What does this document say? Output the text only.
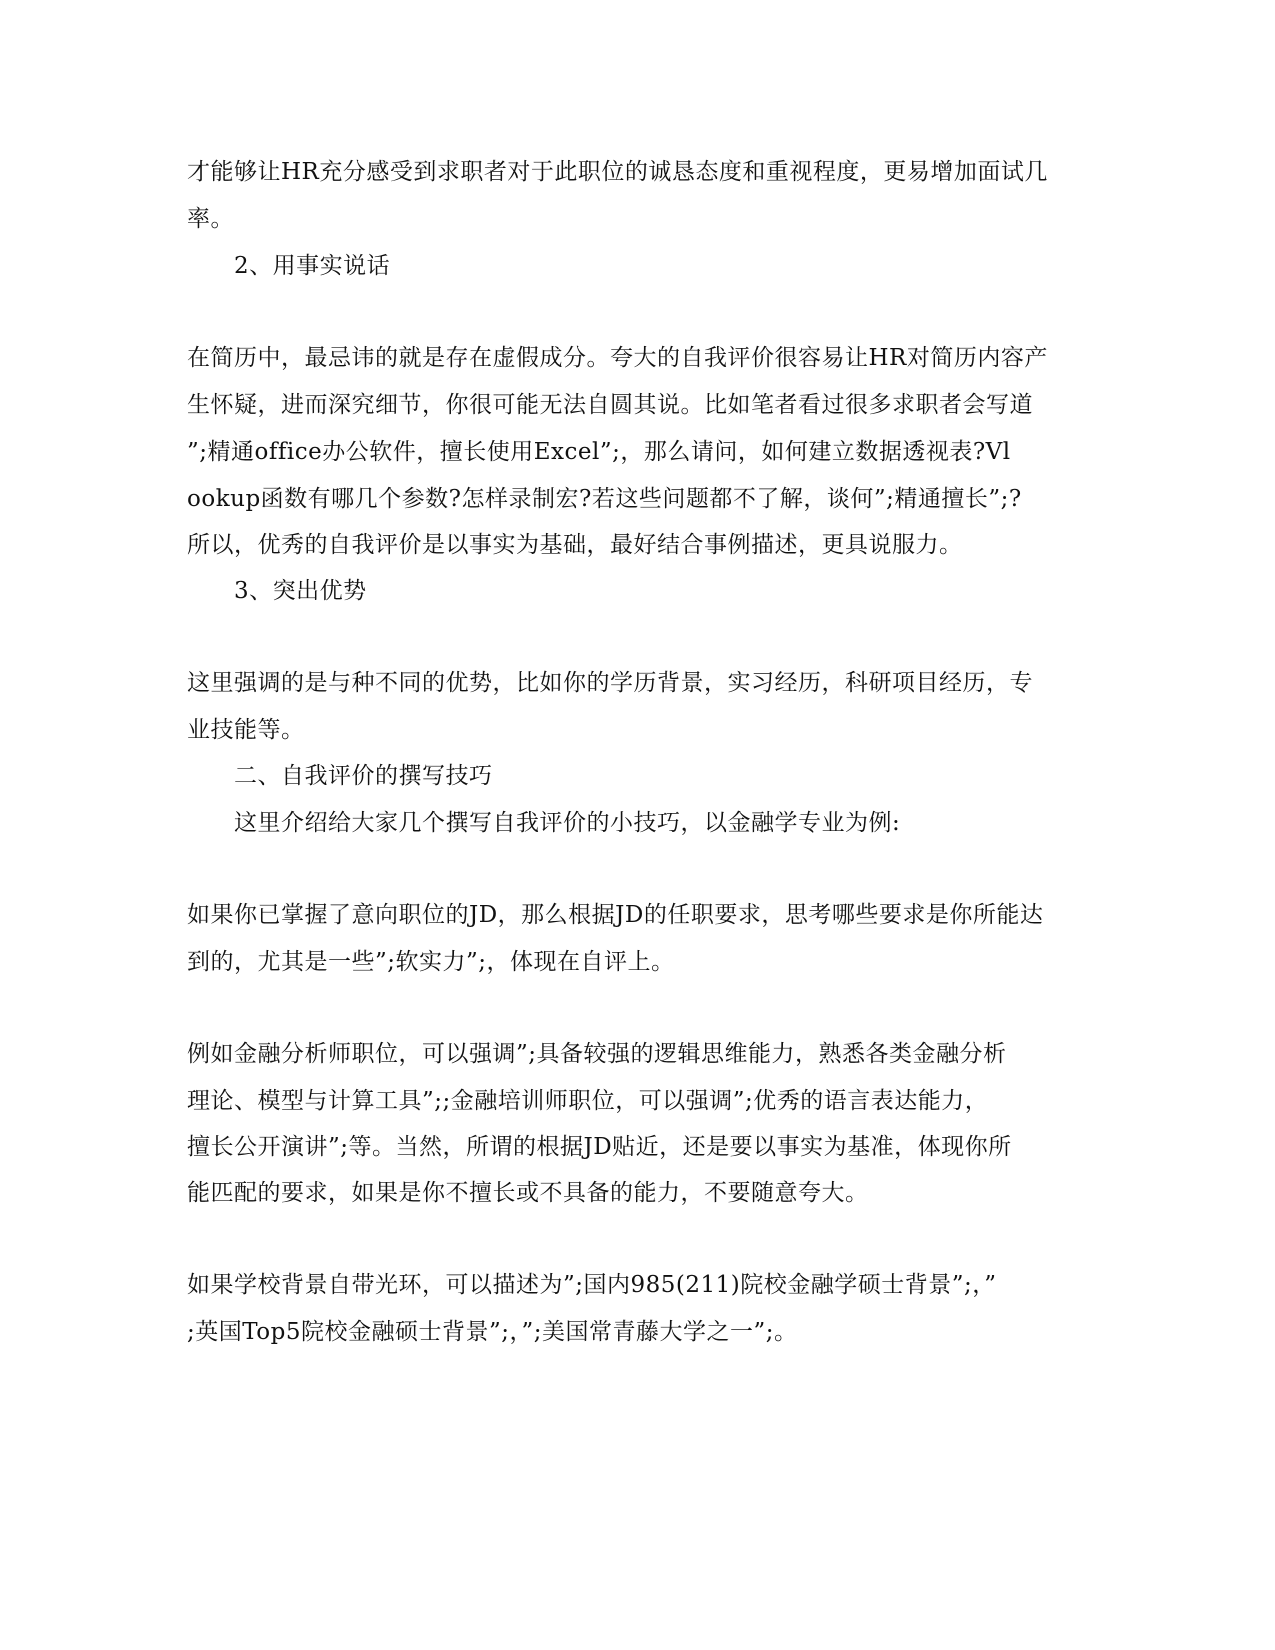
才能够让HR充分感受到求职者对于此职位的诚恳态度和重视程度，更易增加面试几
率。
2、用事实说话
在简历中，最忌讳的就是存在虚假成分。夸大的自我评价很容易让HR对简历内容产
生怀疑，进而深究细节，你很可能无法自圆其说。比如笔者看过很多求职者会写道
”;精通office办公软件，擅长使用Excel”;，那么请问，如何建立数据透视表?Vl
ookup函数有哪几个参数?怎样录制宏?若这些问题都不了解，谈何”;精通擅长”;?
所以，优秀的自我评价是以事实为基础，最好结合事例描述，更具说服力。
3、突出优势
这里强调的是与种不同的优势，比如你的学历背景，实习经历，科研项目经历，专
业技能等。
二、自我评价的撰写技巧
这里介绍给大家几个撰写自我评价的小技巧，以金融学专业为例:
如果你已掌握了意向职位的JD，那么根据JD的任职要求，思考哪些要求是你所能达
到的，尤其是一些”;软实力”;，体现在自评上。
例如金融分析师职位，可以强调”;具备较强的逻辑思维能力，熟悉各类金融分析
理论、模型与计算工具”;;金融培训师职位，可以强调”;优秀的语言表达能力，
擅长公开演讲”;等。当然，所谓的根据JD贴近，还是要以事实为基准，体现你所
能匹配的要求，如果是你不擅长或不具备的能力，不要随意夸大。
如果学校背景自带光环，可以描述为”;国内985(211)院校金融学硕士背景”;，”
;英国Top5院校金融硕士背景”;，”;美国常青藤大学之一”;。
